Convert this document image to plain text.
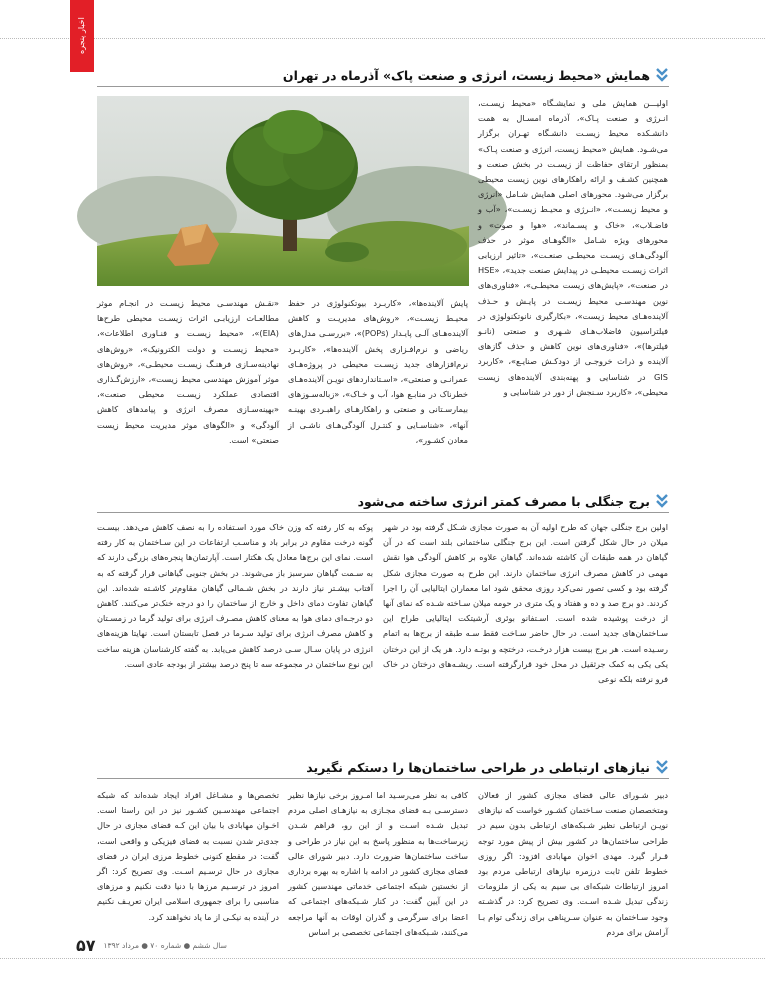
اخبار پنجره
همایش «محیط زیست، انرژی و صنعت پاک» آذرماه در تهران
اولیـــن همایش ملی و نمایشـگاه «محیط زیسـت، انـرژی و صنعت پـاک»، آذرماه امسـال به همت دانشـکده محیط زیسـت دانشـگاه تهـران برگزار می‌شـود. همایش «محیط زیست، انرژی و صنعت پـاک» بمنظور ارتقای حفاظت از زیسـت در بخش صنعت و همچنین کشـف و ارائه راهکارهای نوین زیست محیطی برگزار می‌شود. محورهای اصلی همایش شـامل «انرژی و محیط زیسـت»، «انـرژی و محیـط زیسـت»، «آب و فاضـلاب»، «خاک و پسـماند»، «هوا و صوت» و محورهای ویژه شـامل «الگوهـای موثر در حذف آلودگی‌هـای زیسـت محیطـی صنعـت»، «تاثیر ارزیابی اثرات زیسـت محیطـی در پیدایش صنعت جدید»، «HSE در صنعت»، «پایش‌های زیست محیطـی»، «فناوری‌های نوین مهندسـی محیط زیسـت در پایـش و حـذف آلاینده‌هـای محیط زیست»، «بکارگیری نانوتکنولوژی در فیلتراسیون فاضلاب‌هـای شـهری و صنعتی (نانـو فیلترها)»، «فناوری‌های نوین کاهش و حذف گازهای آلاینده و ذرات خروجـی از دودکـش صنایـع»، «کاربرد GIS در شناسایی و پهنه‌بندی آلاینده‌های زیست محیطی»، «کاربرد سـنجش از دور در شناسایی و
پایش آلاینده‌ها»، «کاربـرد بیوتکنولوژی در حفظ محیـط زیسـت»، «روش‌های مدیریـت و کاهش آلاینده‌هـای آلـی پایـدار (POPs)»، «بررسـی مدل‌های ریاضی و نرم‌افـزاری پخش آلاینده‌ها»، «کاربـرد نرم‌افزارهای جدید زیسـت محیطی در پروژه‌هـای عمرانـی و صنعتی»، «اسـتانداردهای نویـن آلاینده‌هـای خطرناک در منابـع هوا، آب و خـاک»، «زباله‌سـوزهای بیمارسـتانی و صنعتی و راهکارهـای راهبـردی بهینـه آنها»، «شناسـایی و کنتـرل آلودگی‌هـای ناشـی از معادن کشـور»،
«نقـش مهندسـی محیط زیسـت در انجـام موثر مطالعـات ارزیابـی اثرات زیسـت محیطی طرح‌ها (EIA)»، «محیط زیسـت و فنـاوری اطلاعات»، «محیط زیسـت و دولت الکترونیک»، «روش‌های نهادینه‌سـازی فرهنـگ زیسـت محیطـی»، «روش‌های موثر آموزش مهندسی محیط زیست»، «ارزش‌گـذاری اقتصادی عملکرد زیسـت محیطی صنعت»، «بهینه‌سـازی مصرف انرژی و پیامدهای کاهش آلودگی» و «الگوهای موثر مدیریت محیط زیست صنعتی» است.
برج جنگلی با مصرف کمتر انرژی ساخته می‌شود
اولین برج جنگلی جهان که طرح اولیه آن به صورت مجازی شـکل گرفته بود در شهر میلان در حال شکل گرفتن است. این برج جنگلی ساختمانی بلند است که در آن گیاهان در همه طبقات آن کاشته شده‌اند. گیاهان علاوه بر کاهش آلودگی هوا نقش مهمی در کاهش مصرف انرژی ساختمان دارند. این طرح به صورت مجازی شکل گرفته بود و کسی تصور نمی‌کرد روزی محقق شود اما معماران ایتالیایی آن را اجرا کردند. دو برج صد و ده و هفتاد و یک متری در حومه میلان سـاخته شـده که نمای آنها از درخت پوشیده شده است. اسـتفانو بوئری آرشیتکت ایتالیایی طراح این سـاختمان‌های جدید است. در حال حاضر سـاخت فقط سـه طبقه از برج‌ها به اتمام رسـیده است. هر برج بیست هزار درخـت، درختچه و بوتـه دارد. هر یک از این درختان یکی یکی به کمک جرثقیل در محل خود قرارگرفته است. ریشـه‌های درختان در خاک فرو نرفته بلکه نوعی
پوکه به کار رفته که وزن خاک مورد اسـتفاده را به نصف کاهش می‌دهد. بیسـت گونه درخت مقاوم در برابر باد و مناسـب ارتفاعات در این سـاختمان به کار رفته است. نمای این برج‌ها معادل یک هکتار است. آپارتمان‌ها پنجره‌های بزرگی دارند که به سـمت گیاهان سرسبز باز می‌شوند. در بخش جنوبی گیاهانی قرار گرفته که به آفتاب بیشـتر نیاز دارند در بخش شـمالی گیاهان مقاوم‌تر کاشـته شده‌اند. این گیاهان تفاوت دمای داخل و خارج از ساختمان را دو درجه خنک‌تر می‌کنند. کاهش دو درجـه‌ای دمای هوا به معنای کاهش مصـرف انرژی برای تولید گرما در زمسـتان و کاهش مصرف انرژی برای تولید سـرما در فصل تابستان است. نهایتا هزینه‌های انرژی در پایان سـال سـی درصد کاهش می‌یابد. به گفته کارشناسان هزینه ساخت این نوع ساختمان در مجموعه سه تا پنج درصد بیشتر از بودجه عادی است.
نیازهای ارتباطی در طراحی ساختمان‌ها را دستکم نگیرید
دبیر شـورای عالی فضای مجازی کشور از فعالان ومتخصصان صنعت سـاختمان کشـور خواست که نیازهای نویـن ارتباطی نظیر شـبکه‌های ارتباطی بدون سیم در طراحی ساختمان‌ها در کشور بیش از پیش مورد توجه قـرار گیرد. مهدی اخوان مهابادی افزود: اگر روزی خطوط تلفن ثابت درزمره نیازهای ارتباطی مردم بود امروز ارتباطات شبکه‌ای بی سیم به یکی از ملزومات زندگی تبدیل شـده اسـت. وی تصریح کرد: در گذشـته وجود سـاختمان به عنوان سـرپناهی برای زندگی توام بـا آرامش برای مردم
کافی به نظر می‌رسـید اما امـروز برخی نیازها نظیر دسترسـی بـه فضای مجـازی به نیازهـای اصلی مردم تبدیل شـده اسـت و از این رو، فراهم شـدن زیرساخت‌ها به منظور پاسخ به این نیاز در طراحی و ساخت ساختمان‌ها ضرورت دارد. دبیر شورای عالی فضای مجازی کشور در ادامه با اشاره به بهره برداری از نخستین شبکه اجتماعی خدماتی مهندسین کشور در این آیین گفت: در کنار شـبکه‌های اجتماعی که اعضا برای سرگرمی و گذران اوقات به آنها مراجعه می‌کنند، شـبکه‌های اجتماعی تخصصی بر اساس
تخصص‌ها و مشـاغل افراد ایجاد شده‌اند که شبکه اجتماعی مهندسـین کشـور نیز در این راستا است. اخـوان مهابادی با بیان این کـه فضای مجازی در حال جدی‌تر شدن نسبت به فضای فیزیکی و واقعی است، گفت: در مقطع کنونی خطوط مرزی ایران در فضای مجازی در حال ترسـیم اسـت. وی تصریح کرد: اگر امروز در ترسـیم مرزها با دنیا دقت نکنیم و مرزهای مناسبی را برای جمهوری اسلامی ایران تعریـف نکنیم در آینده به نیکـی از ما یاد نخواهند کرد.
۵۷ سال ششم ● شماره ۷۰ ● مرداد ۱۳۹۲
